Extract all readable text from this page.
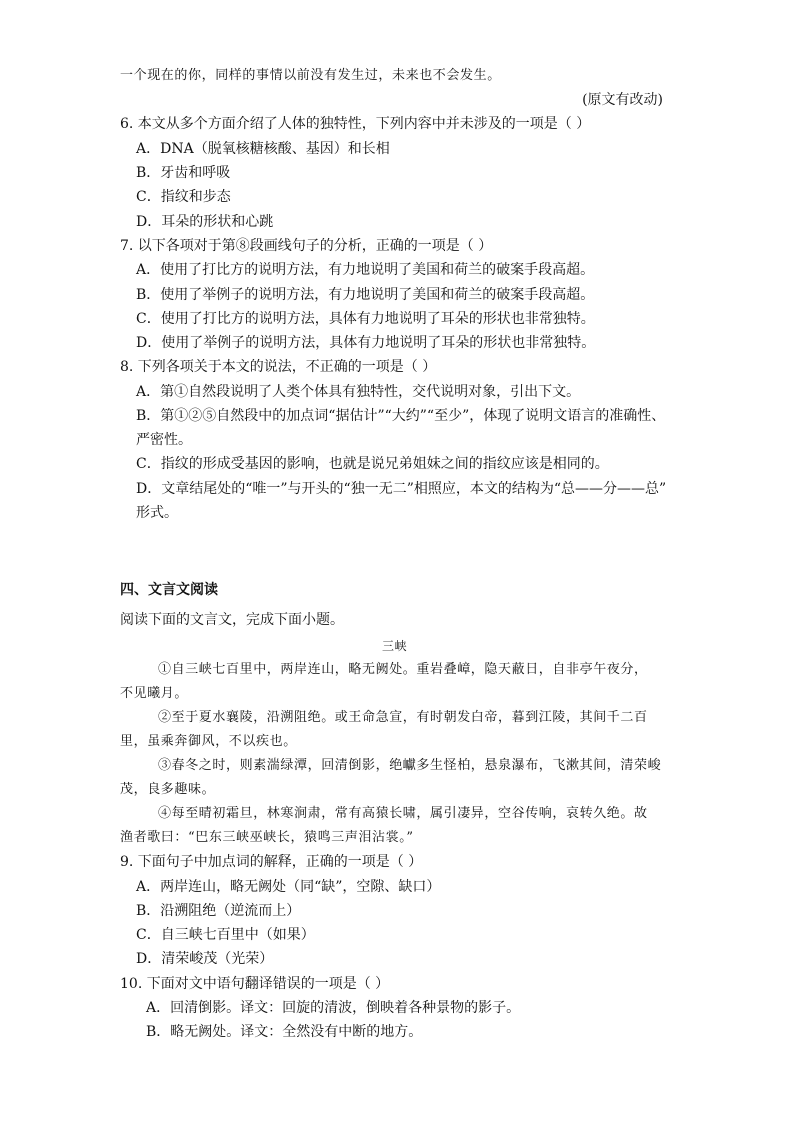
一个现在的你，同样的事情以前没有发生过，未来也不会发生。
(原文有改动)
6. 本文从多个方面介绍了人体的独特性，下列内容中并未涉及的一项是（ ）
A．DNA（脱氧核糖核酸、基因）和长相
B．牙齿和呼吸
C．指纹和步态
D．耳朵的形状和心跳
7. 以下各项对于第⑧段画线句子的分析，正确的一项是（ ）
A．使用了打比方的说明方法，有力地说明了美国和荷兰的破案手段高超。
B．使用了举例子的说明方法，有力地说明了美国和荷兰的破案手段高超。
C．使用了打比方的说明方法，具体有力地说明了耳朵的形状也非常独特。
D．使用了举例子的说明方法，具体有力地说明了耳朵的形状也非常独特。
8. 下列各项关于本文的说法，不正确的一项是（ ）
A．第①自然段说明了人类个体具有独特性，交代说明对象，引出下文。
B．第①②⑤自然段中的加点词“据估计”“大约”“至少”，体现了说明文语言的准确性、
严密性。
C．指纹的形成受基因的影响，也就是说兄弟姐妹之间的指纹应该是相同的。
D．文章结尾处的“唯一”与开头的“独一无二”相照应，本文的结构为“总——分——总”
形式。
四、文言文阅读
阅读下面的文言文，完成下面小题。
三峡
①自三峡七百里中，两岸连山，略无阙处。重岩叠嶂，隐天蔽日，自非亭午夜分，
不见曦月。
②至于夏水襄陵，沿溯阻绝。或王命急宣，有时朝发白帝，暮到江陵，其间千二百
里，虽乘奔御风，不以疾也。
③春冬之时，则素湍绿潭，回清倒影，绝巘多生怪柏，悬泉瀑布，飞漱其间，清荣峻
茂，良多趣味。
④每至晴初霜旦，林寒涧肃，常有高猿长啸，属引凄异，空谷传响，哀转久绝。故
渔者歌曰：“巴东三峡巫峡长，猿鸣三声泪沾裳。”
9. 下面句子中加点词的解释，正确的一项是（ ）
A．两岸连山，略无阙处（同“缺”，空隙、缺口）
B．沿溯阻绝（逆流而上）
C．自三峡七百里中（如果）
D．清荣峻茂（光荣）
10. 下面对文中语句翻译错误的一项是（ ）
A．回清倒影。译文：回旋的清波，倒映着各种景物的影子。
B．略无阙处。译文：全然没有中断的地方。
